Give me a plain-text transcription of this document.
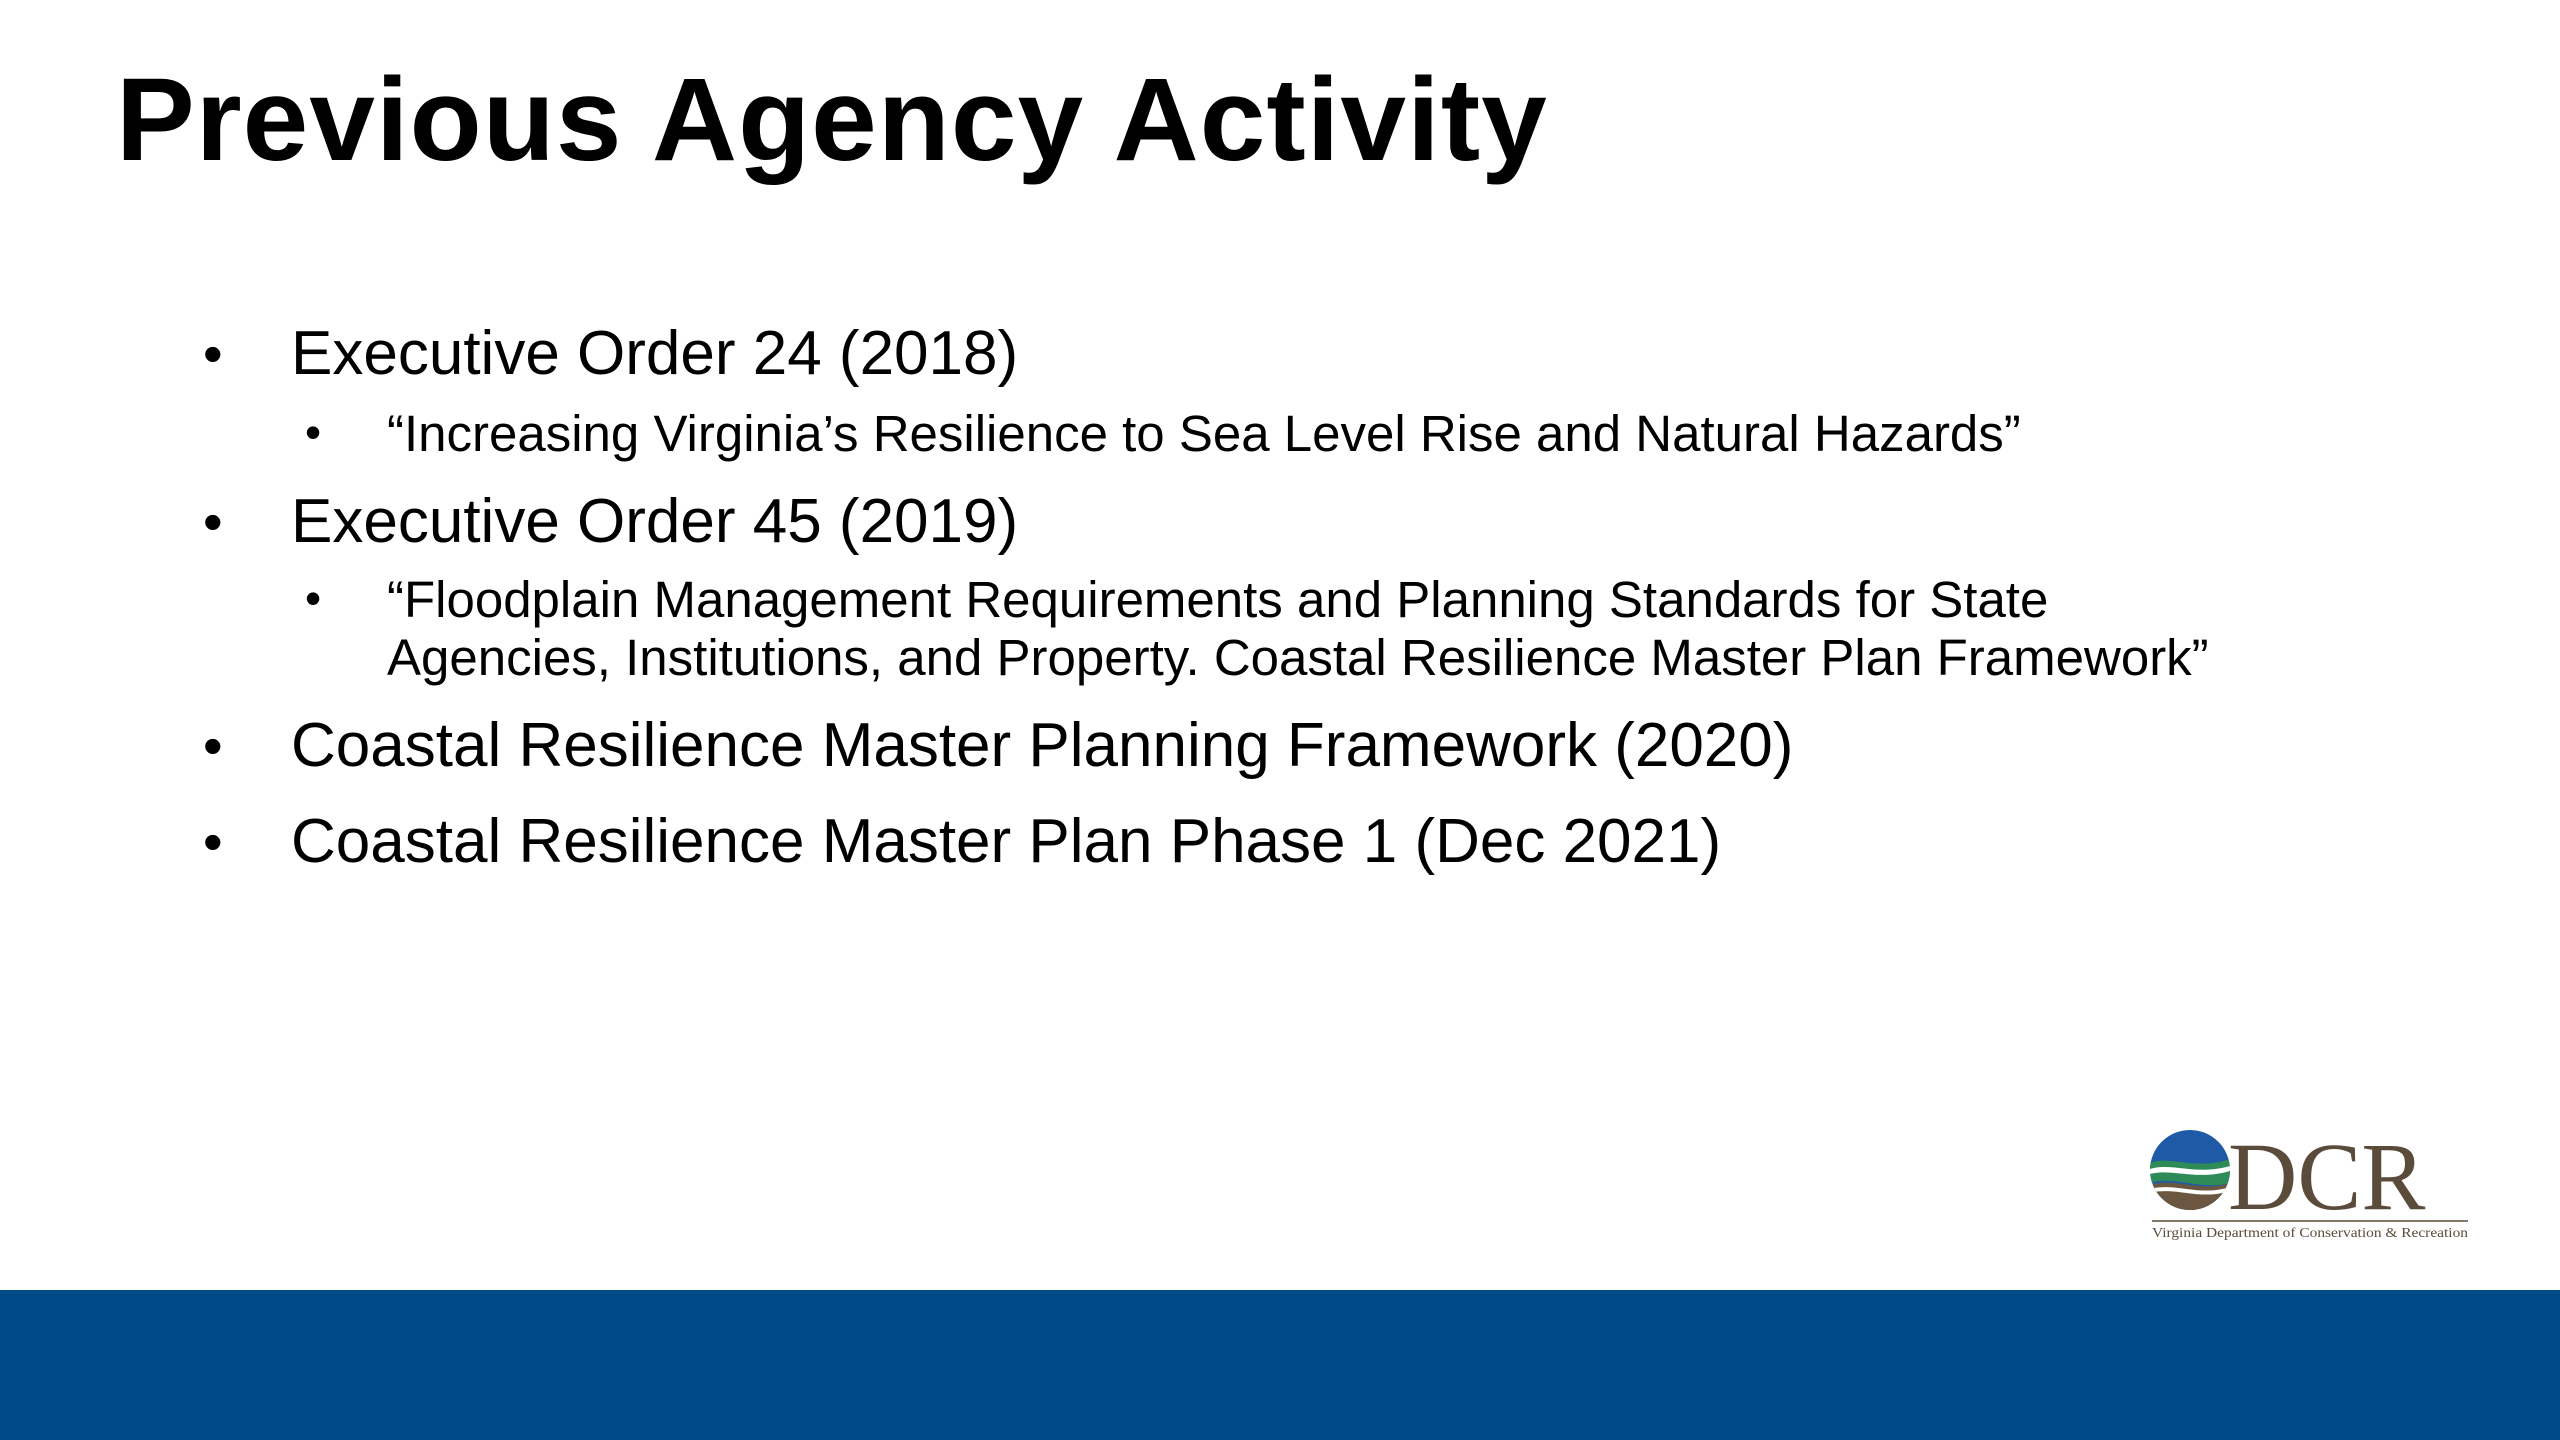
Previous Agency Activity
• Executive Order 24 (2018)
• “Increasing Virginia’s Resilience to Sea Level Rise and Natural Hazards”
• Executive Order 45 (2019)
• “Floodplain Management Requirements and Planning Standards for State
Agencies, Institutions, and Property. Coastal Resilience Master Plan Framework”
• Coastal Resilience Master Planning Framework (2020)
• Coastal Resilience Master Plan Phase 1 (Dec 2021)
DCR
Virginia Department of Conservation & Recreation
